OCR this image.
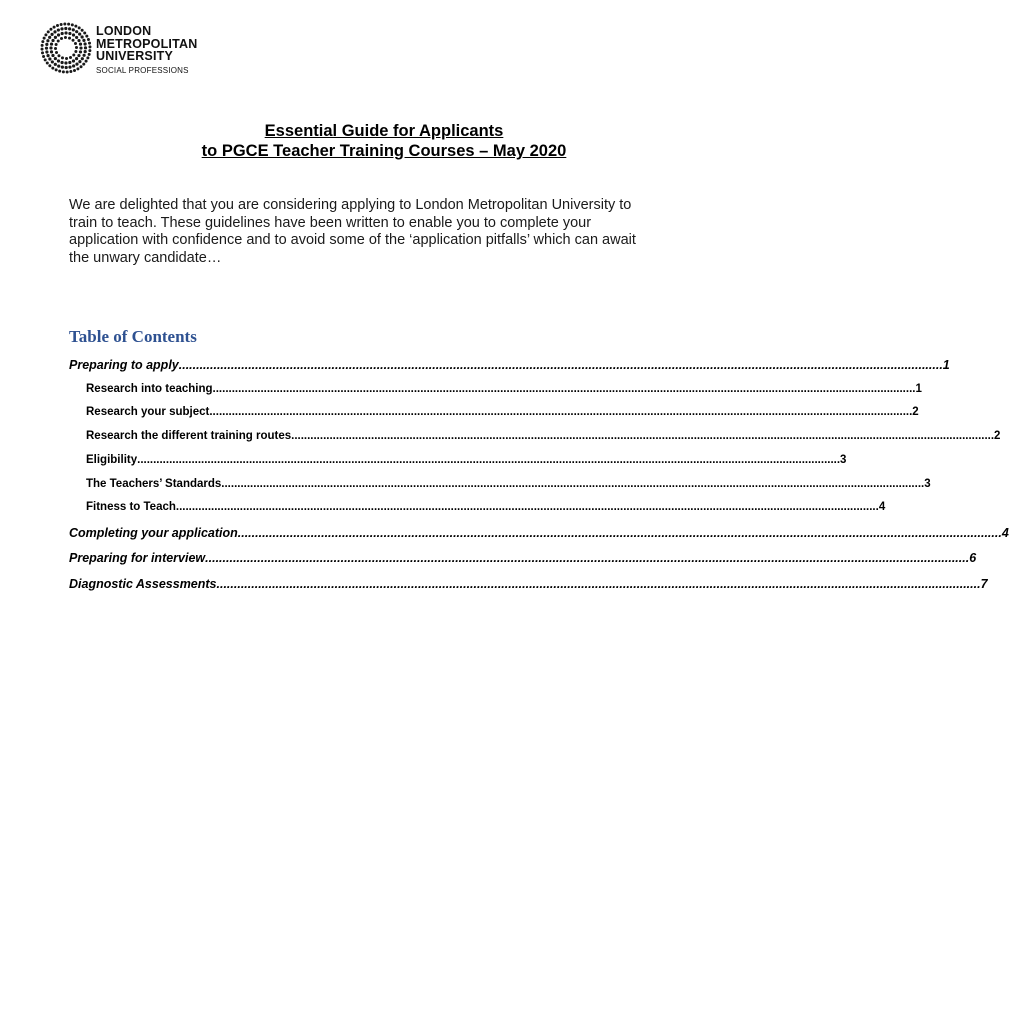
LONDON
METROPOLITAN
UNIVERSITY
SOCIAL PROFESSIONS
Essential Guide for Applicants
to PGCE Teacher Training Courses – May 2020
We are delighted that you are considering applying to London Metropolitan University to
train to teach. These guidelines have been written to enable you to complete your
application with confidence and to avoid some of the ‘application pitfalls’ which can await
the unwary candidate…
Table of Contents
Preparing to apply ............................................................................................................................................................................................................................ 1
Research into teaching ............................................................................................................................................................................................................................ 1
Research your subject ............................................................................................................................................................................................................................ 2
Research the different training routes ............................................................................................................................................................................................................................ 2
Eligibility ............................................................................................................................................................................................................................ 3
The Teachers’ Standards ............................................................................................................................................................................................................................ 3
Fitness to Teach ............................................................................................................................................................................................................................ 4
Completing your application ............................................................................................................................................................................................................................ 4
Preparing for interview ............................................................................................................................................................................................................................ 6
Diagnostic Assessments ............................................................................................................................................................................................................................ 7
